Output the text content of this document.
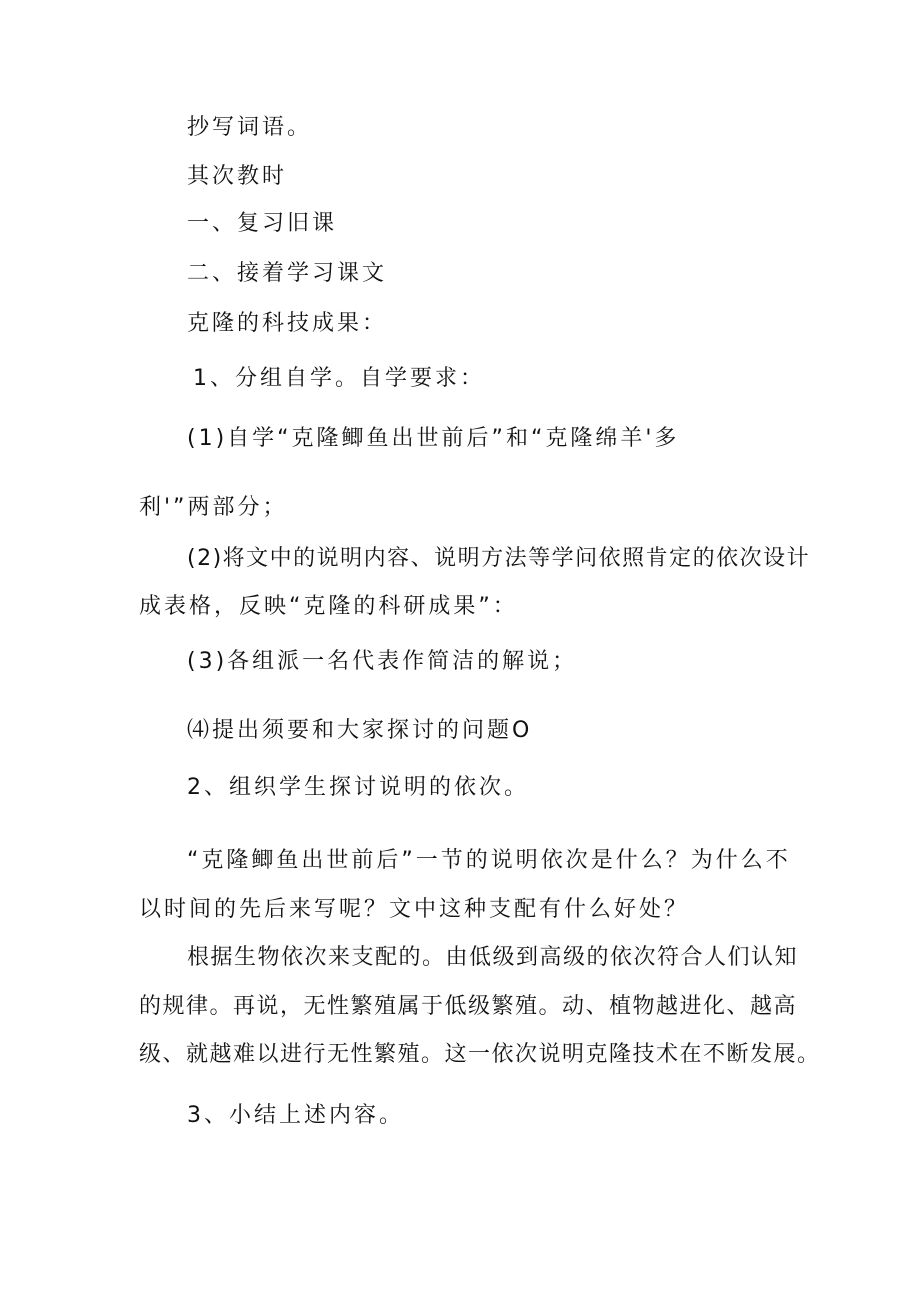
抄写词语。
其次教时
一、复习旧课
二、接着学习课文
克隆的科技成果：
1、分组自学。自学要求：
(1)自学“克隆鲫鱼出世前后”和“克隆绵羊'多
利'”两部分；
(2)将文中的说明内容、说明方法等学问依照肯定的依次设计
成表格，反映“克隆的科研成果”：
(3)各组派一名代表作简洁的解说；
⑷提出须要和大家探讨的问题O
2、组织学生探讨说明的依次。
“克隆鲫鱼出世前后”一节的说明依次是什么？为什么不
以时间的先后来写呢？文中这种支配有什么好处？
根据生物依次来支配的。由低级到高级的依次符合人们认知
的规律。再说，无性繁殖属于低级繁殖。动、植物越进化、越高
级、就越难以进行无性繁殖。这一依次说明克隆技术在不断发展。
3、小结上述内容。
